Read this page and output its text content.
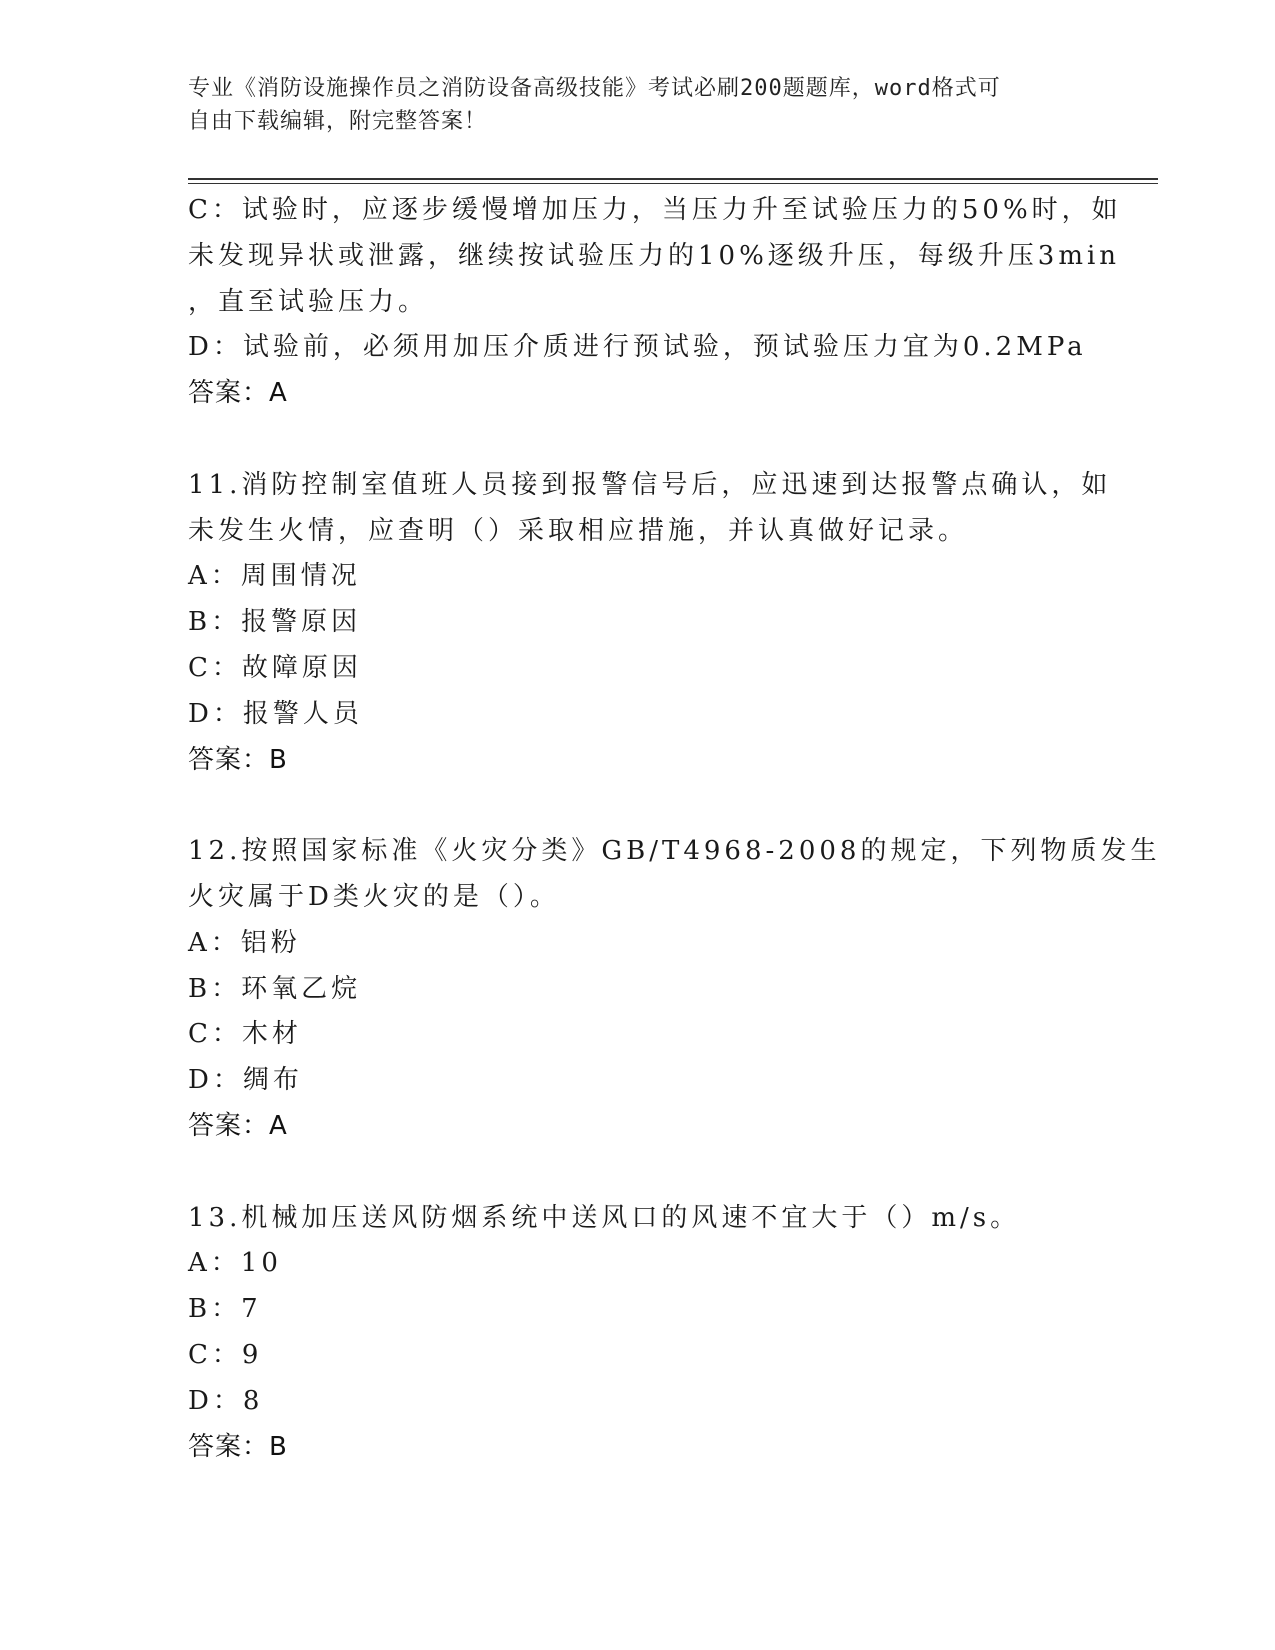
专业《消防设施操作员之消防设备高级技能》考试必刷200题题库，word格式可
自由下载编辑，附完整答案！
C：试验时，应逐步缓慢增加压力，当压力升至试验压力的50%时，如
未发现异状或泄露，继续按试验压力的10%逐级升压，每级升压3min
，直至试验压力。
D：试验前，必须用加压介质进行预试验，预试验压力宜为0.2MPa
答案：A
11.消防控制室值班人员接到报警信号后，应迅速到达报警点确认，如
未发生火情，应查明（）采取相应措施，并认真做好记录。
A：周围情况
B：报警原因
C：故障原因
D：报警人员
答案：B
12.按照国家标准《火灾分类》GB/T4968-2008的规定，下列物质发生
火灾属于D类火灾的是（）。
A：铝粉
B：环氧乙烷
C：木材
D：绸布
答案：A
13.机械加压送风防烟系统中送风口的风速不宜大于（）m/s。
A：10
B：7
C：9
D：8
答案：B
